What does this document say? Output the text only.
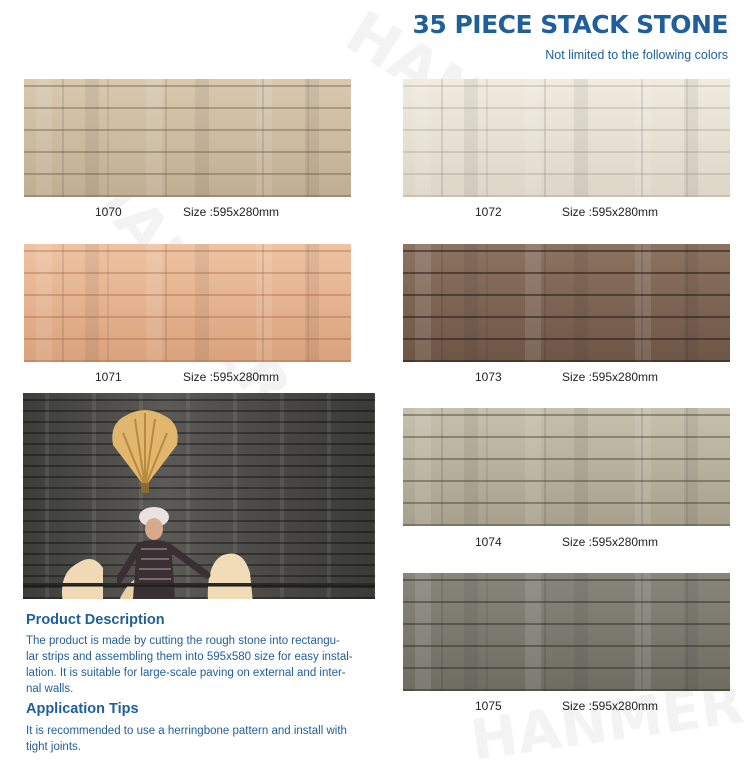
35 PIECE STACK STONE
Not limited to the following colors
1070	Size :595x280mm	1072	Size :595x280mm
1071	Size :595x280mm	1073	Size :595x280mm
1074	Size :595x280mm
1075	Size :595x280mm
Product Description
The product is made by cutting the rough stone into rectangu-
lar strips and assembling them into 595x580 size for easy instal-
lation. It is suitable for large-scale paving on external and inter-
nal walls.
Application Tips
It is recommended to use a herringbone pattern and install with
tight joints.
